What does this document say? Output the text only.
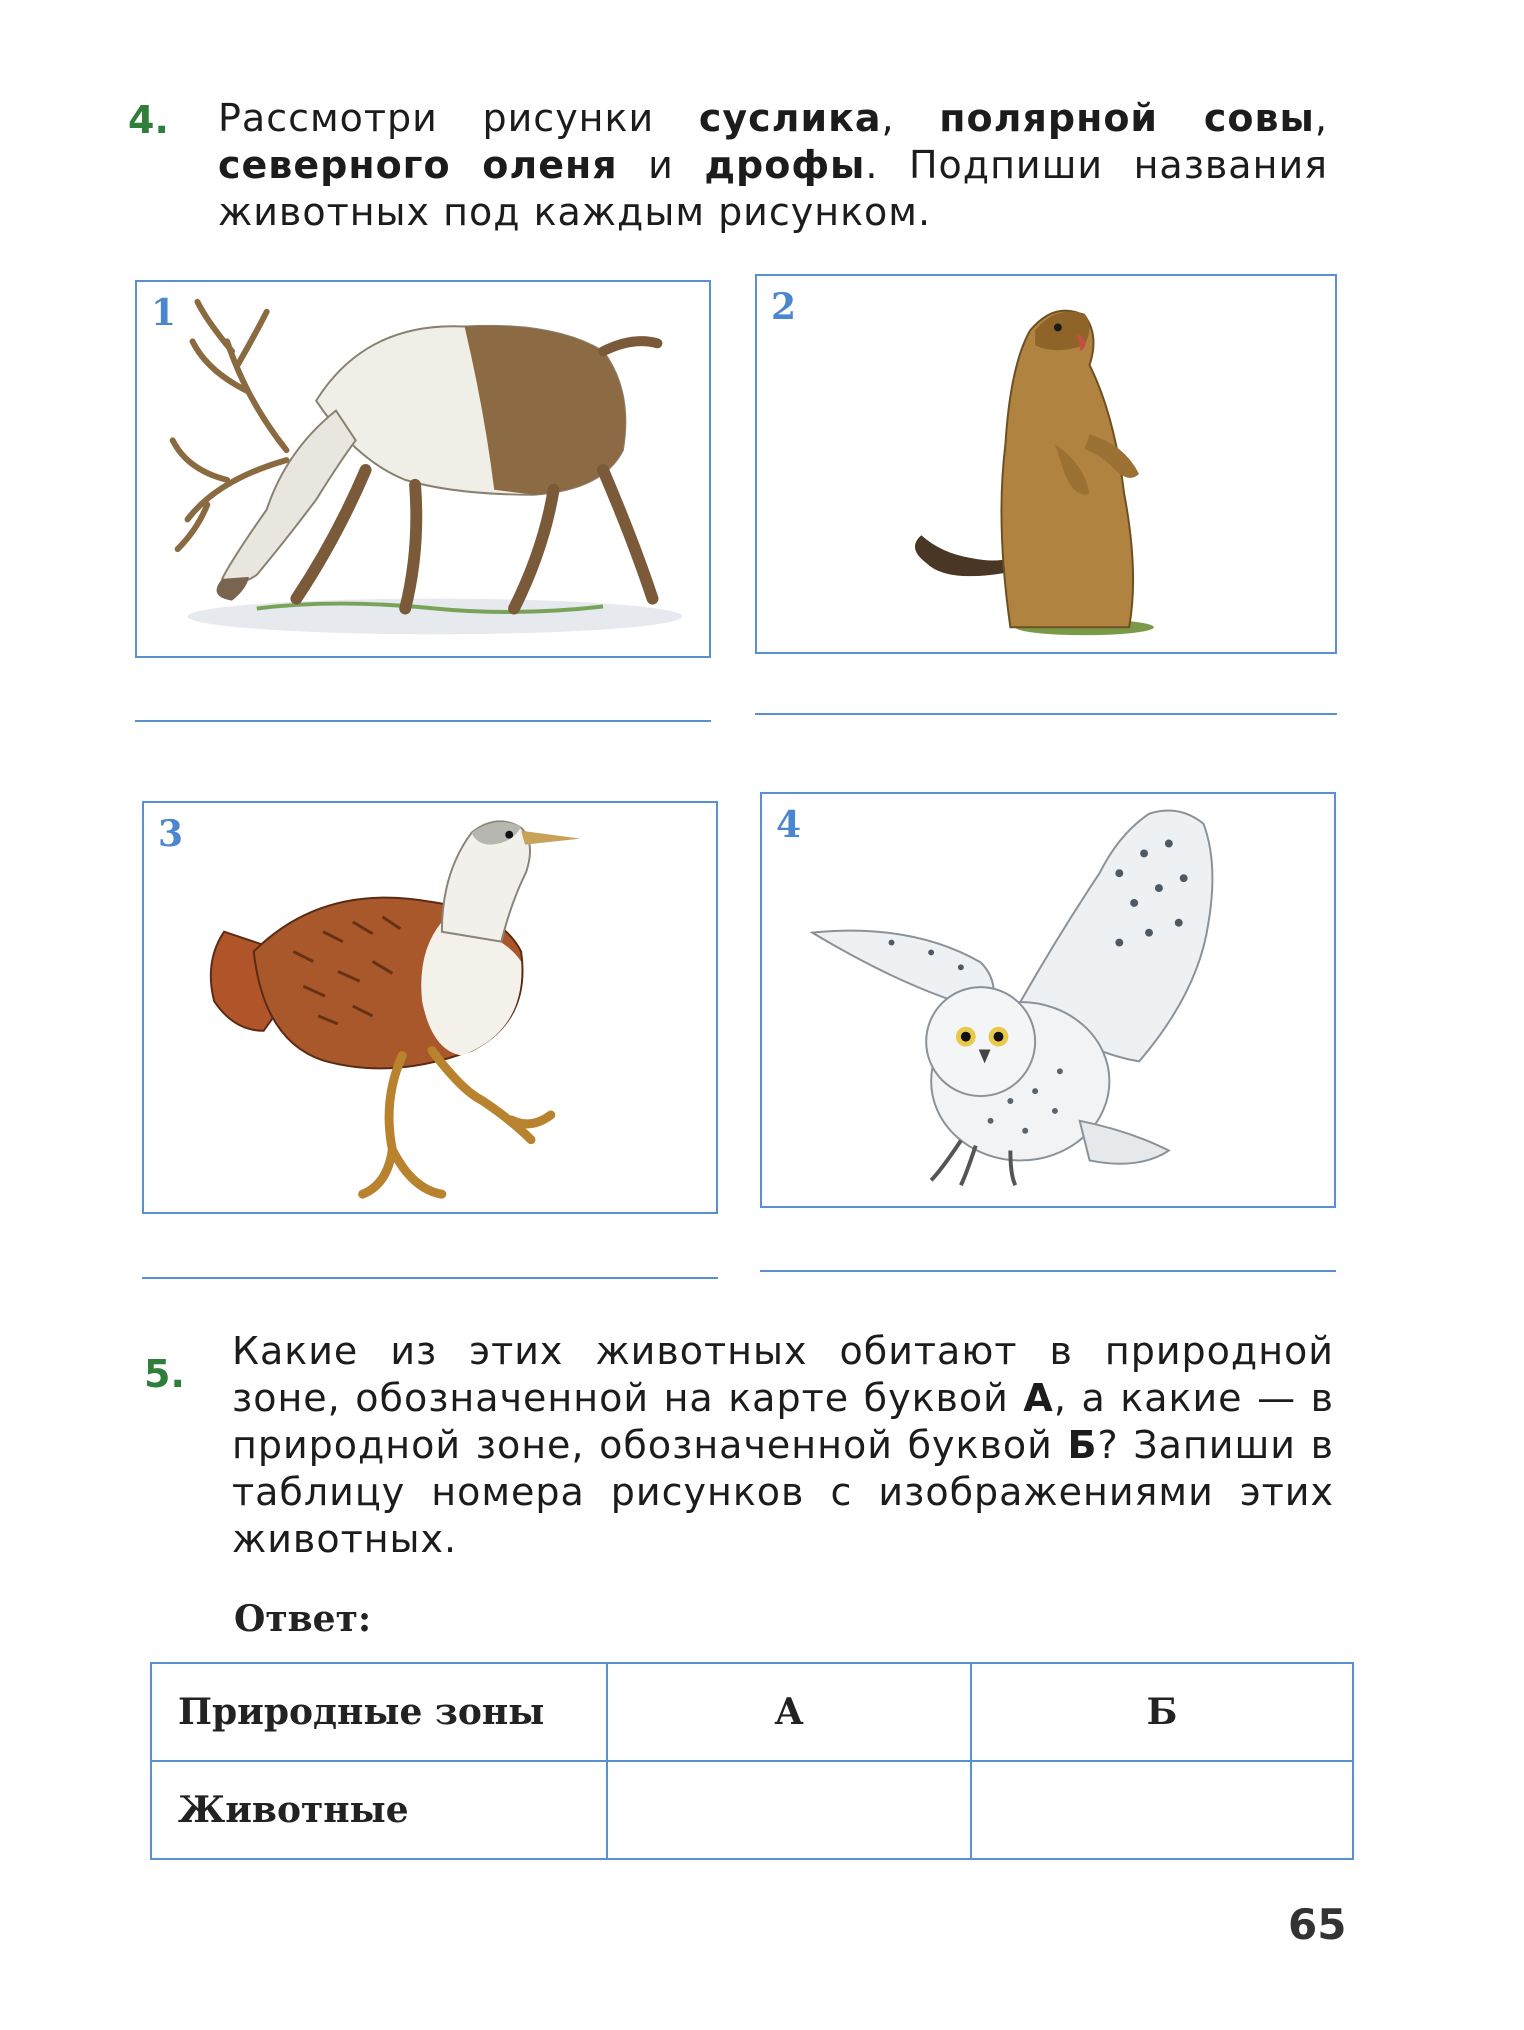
4. Рассмотри рисунки суслика, полярной совы, северного оленя и дрофы. Подпиши названия животных под каждым рисунком.
1	2
3	4
5.
Какие из этих животных обитают в природной зоне, обозначенной на карте буквой А, а какие — в природной зоне, обозначенной буквой Б? Запиши в таблицу номера рисунков с изображениями этих животных.
Ответ:
Природные зоны	А	Б
Животные		
65
